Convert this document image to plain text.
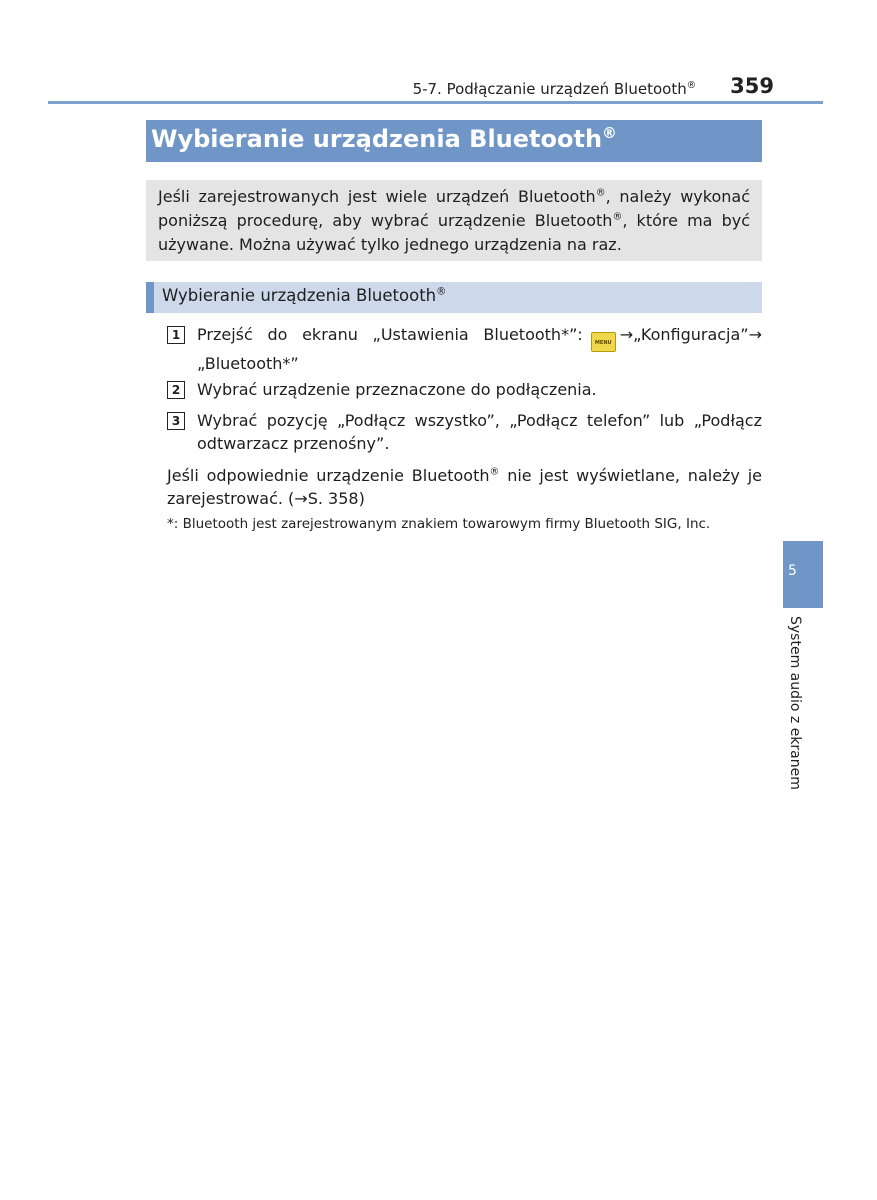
5-7. Podłączanie urządzeń Bluetooth®	359
Wybieranie urządzenia Bluetooth®
Jeśli zarejestrowanych jest wiele urządzeń Bluetooth®, należy wykonać poniższą procedurę, aby wybrać urządzenie Bluetooth®, które ma być używane. Można używać tylko jednego urządzenia na raz.
Wybieranie urządzenia Bluetooth®
1	Przejść do ekranu „Ustawienia Bluetooth*”: MENU →„Konfiguracja”→ „Bluetooth*”
2	Wybrać urządzenie przeznaczone do podłączenia.
3	Wybrać pozycję „Podłącz wszystko”, „Podłącz telefon” lub „Podłącz odtwarzacz przenośny”.
Jeśli odpowiednie urządzenie Bluetooth® nie jest wyświetlane, należy je zarejestrować. (→S. 358)
*: Bluetooth jest zarejestrowanym znakiem towarowym firmy Bluetooth SIG, Inc.
5
System audio z ekranem
